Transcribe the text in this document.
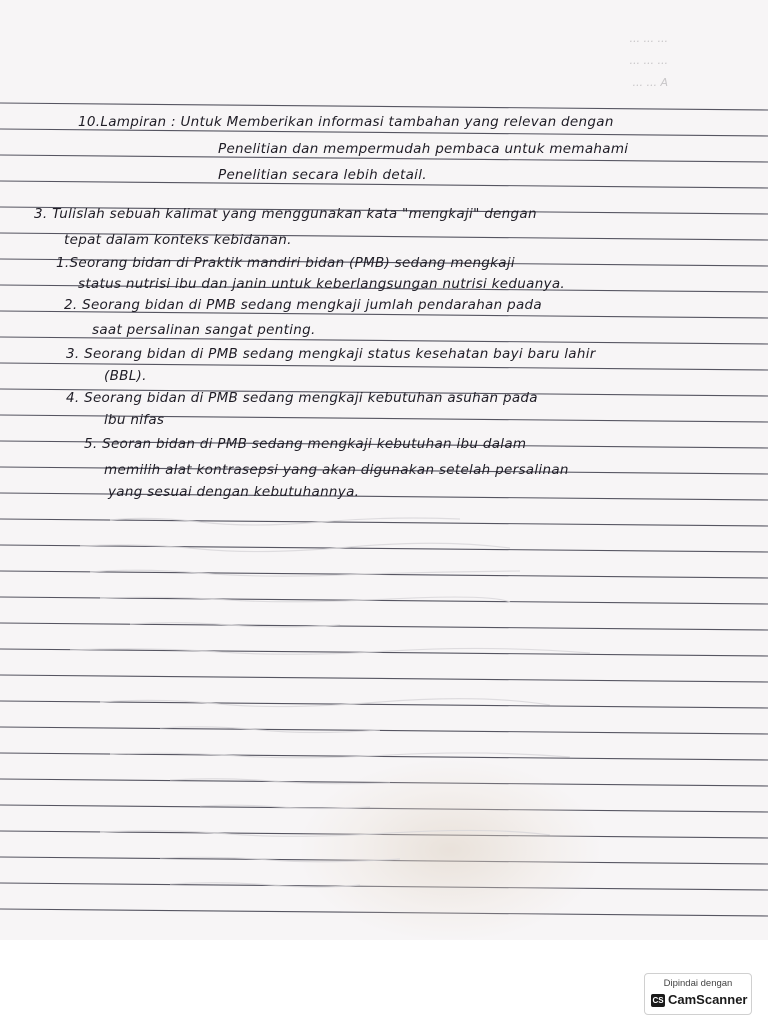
... ... ...
... ... ...
... ... A
10.Lampiran : Untuk Memberikan informasi tambahan yang relevan dengan
Penelitian dan mempermudah pembaca untuk memahami
Penelitian secara lebih detail.
3. Tulislah sebuah kalimat yang menggunakan kata "mengkaji" dengan
tepat dalam konteks kebidanan.
1.Seorang bidan di Praktik mandiri bidan (PMB) sedang mengkaji
status nutrisi ibu dan janin untuk keberlangsungan nutrisi keduanya.
2. Seorang bidan di PMB sedang mengkaji jumlah pendarahan pada
saat persalinan sangat penting.
3. Seorang bidan di PMB sedang mengkaji status kesehatan bayi baru lahir
(BBL).
4. Seorang bidan di PMB sedang mengkaji kebutuhan asuhan pada
ibu nifas
5. Seoran bidan di PMB sedang mengkaji kebutuhan ibu dalam
memilih alat kontrasepsi yang akan digunakan setelah persalinan
yang sesuai dengan kebutuhannya.
Dipindai dengan
CS CamScanner
